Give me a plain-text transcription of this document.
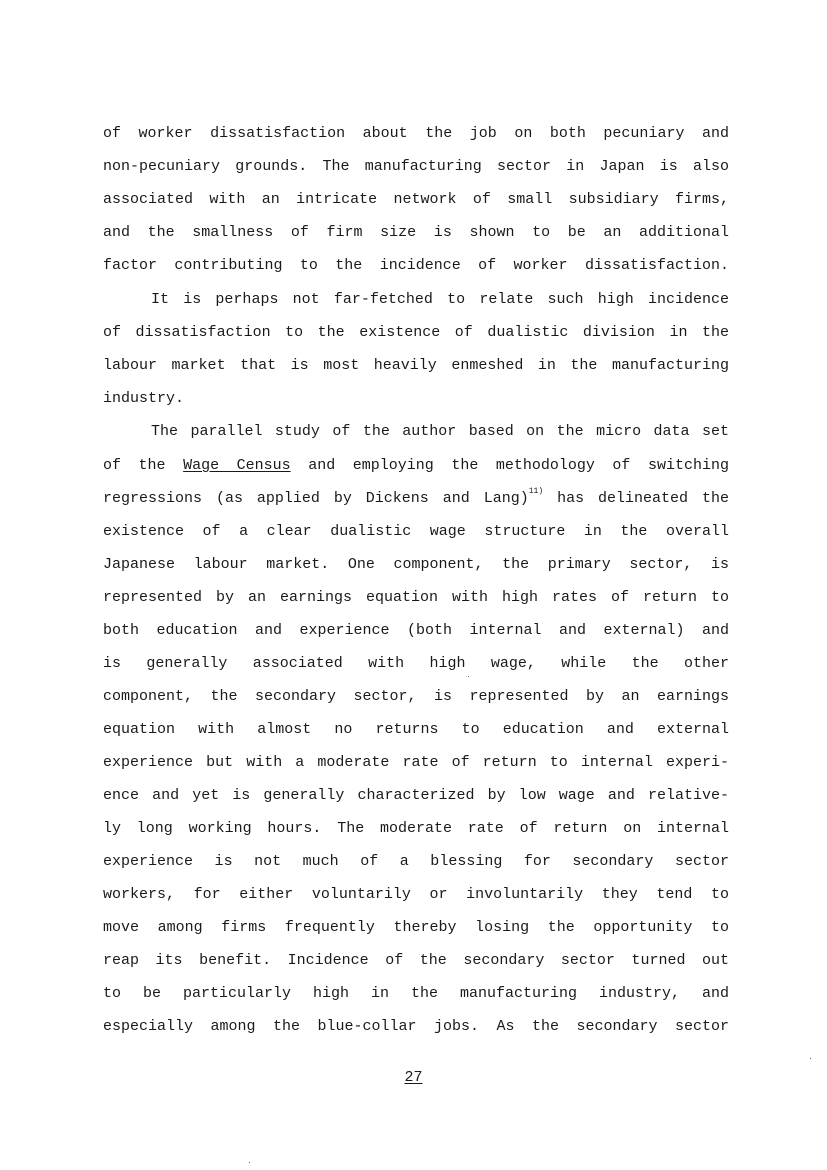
of worker dissatisfaction about the job on both pecuniary and
non-pecuniary grounds. The manufacturing sector in Japan is also
associated with an intricate network of small subsidiary firms,
and the smallness of firm size is shown to be an additional
factor contributing to the incidence of worker dissatisfaction.
It is perhaps not far-fetched to relate such high incidence
of dissatisfaction to the existence of dualistic division in the
labour market that is most heavily enmeshed in the manufacturing
industry.
The parallel study of the author based on the micro data set
of the Wage Census and employing the methodology of switching
regressions (as applied by Dickens and Lang)$^{11)}$ has delineated the
existence of a clear dualistic wage structure in the overall
Japanese labour market. One component, the primary sector, is
represented by an earnings equation with high rates of return to
both education and experience (both internal and external) and
is generally associated with high wage, while the other
component, the secondary sector, is represented by an earnings
equation with almost no returns to education and external
experience but with a moderate rate of return to internal experi-
ence and yet is generally characterized by low wage and relative-
ly long working hours. The moderate rate of return on internal
experience is not much of a blessing for secondary sector
workers, for either voluntarily or involuntarily they tend to
move among firms frequently thereby losing the opportunity to
reap its benefit. Incidence of the secondary sector turned out
to be particularly high in the manufacturing industry, and
especially among the blue-collar jobs. As the secondary sector
27
